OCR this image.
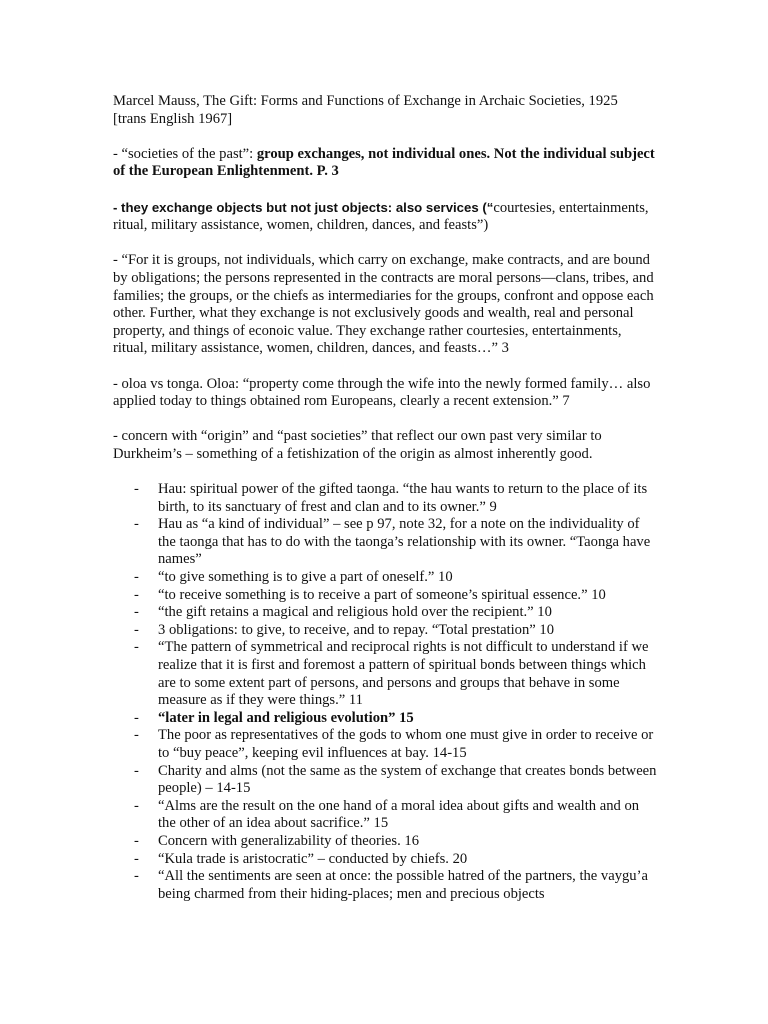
Marcel Mauss, The Gift: Forms and Functions of Exchange in Archaic Societies, 1925
[trans English 1967]

- “societies of the past”: group exchanges, not individual ones. Not the individual subject of the European Enlightenment. P. 3

- they exchange objects but not just objects: also services (“courtesies, entertainments, ritual, military assistance, women, children, dances, and feasts”)

- “For it is groups, not individuals, which carry on exchange, make contracts, and are bound by obligations; the persons represented in the contracts are moral persons—clans, tribes, and families; the groups, or the chiefs as intermediaries for the groups, confront and oppose each other. Further, what they exchange is not exclusively goods and wealth, real and personal property, and things of econoic value. They exchange rather courtesies, entertainments, ritual, military assistance, women, children, dances, and feasts…” 3

- oloa vs tonga. Oloa: “property come through the wife into the newly formed family… also applied today to things obtained rom Europeans, clearly a recent extension.” 7

- concern with “origin” and “past societies” that reflect our own past very similar to Durkheim’s – something of a fetishization of the origin as almost inherently good.

- Hau: spiritual power of the gifted taonga. “the hau wants to return to the place of its birth, to its sanctuary of frest and clan and to its owner.” 9
- Hau as “a kind of individual” – see p 97, note 32, for a note on the individuality of the taonga that has to do with the taonga’s relationship with its owner. “Taonga have names”
- “to give something is to give a part of oneself.” 10
- “to receive something is to receive a part of someone’s spiritual essence.” 10
- “the gift retains a magical and religious hold over the recipient.” 10
- 3 obligations: to give, to receive, and to repay. “Total prestation” 10
- “The pattern of symmetrical and reciprocal rights is not difficult to understand if we realize that it is first and foremost a pattern of spiritual bonds between things which are to some extent part of persons, and persons and groups that behave in some measure as if they were things.” 11
- “later in legal and religious evolution” 15
- The poor as representatives of the gods to whom one must give in order to receive or to “buy peace”, keeping evil influences at bay. 14-15
- Charity and alms (not the same as the system of exchange that creates bonds between people) – 14-15
- “Alms are the result on the one hand of a moral idea about gifts and wealth and on the other of an idea about sacrifice.” 15
- Concern with generalizability of theories. 16
- “Kula trade is aristocratic” – conducted by chiefs. 20
- “All the sentiments are seen at once: the possible hatred of the partners, the vaygu’a being charmed from their hiding-places; men and precious objects
